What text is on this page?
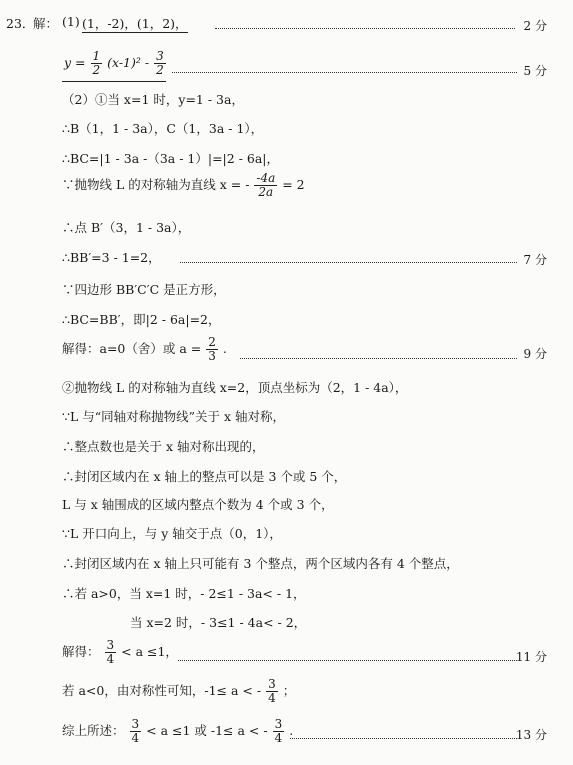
23．
解： (1) (1，-2)，(1，2)，	2 分
$y = \frac{1}{2} (x-1)^2 - \frac{3}{2}$	5 分
（2）①当 x=1 时，y=1 - 3a，
∴B（1，1 - 3a），C（1，3a - 1），
∴BC=|1 - 3a -（3a - 1）|=|2 - 6a|，
∵抛物线 L 的对称轴为直线 x = - $\frac{-4a}{2a} = 2$
∴点 B′（3，1 - 3a），
∴BB′=3 - 1=2，	7 分
∵四边形 BB′C′C 是正方形，
∴BC=BB′，即|2 - 6a|=2，
解得：a=0（舍）或 $a = \frac{2}{3}$ .	9 分
②抛物线 L 的对称轴为直线 x=2，顶点坐标为（2，1 - 4a），
∵L 与“同轴对称抛物线”关于 x 轴对称，
∴整点数也是关于 x 轴对称出现的，
∴封闭区域内在 x 轴上的整点可以是 3 个或 5 个，
L 与 x 轴围成的区域内整点个数为 4 个或 3 个，
∵L 开口向上，与 y 轴交于点（0，1），
∴封闭区域内在 x 轴上只可能有 3 个整点，两个区域内各有 4 个整点，
∴若 a>0，当 x=1 时，- 2≤1 - 3a< - 1，
当 x=2 时，- 3≤1 - 4a< - 2，
解得： $\frac{3}{4} < a \le 1$，	11 分
若 a<0，由对称性可知，-1≤ a < - $\frac{3}{4}$ ；
综上所述： $\frac{3}{4} < a \le 1$ 或 -1≤ a < - $\frac{3}{4}$ .	13 分
